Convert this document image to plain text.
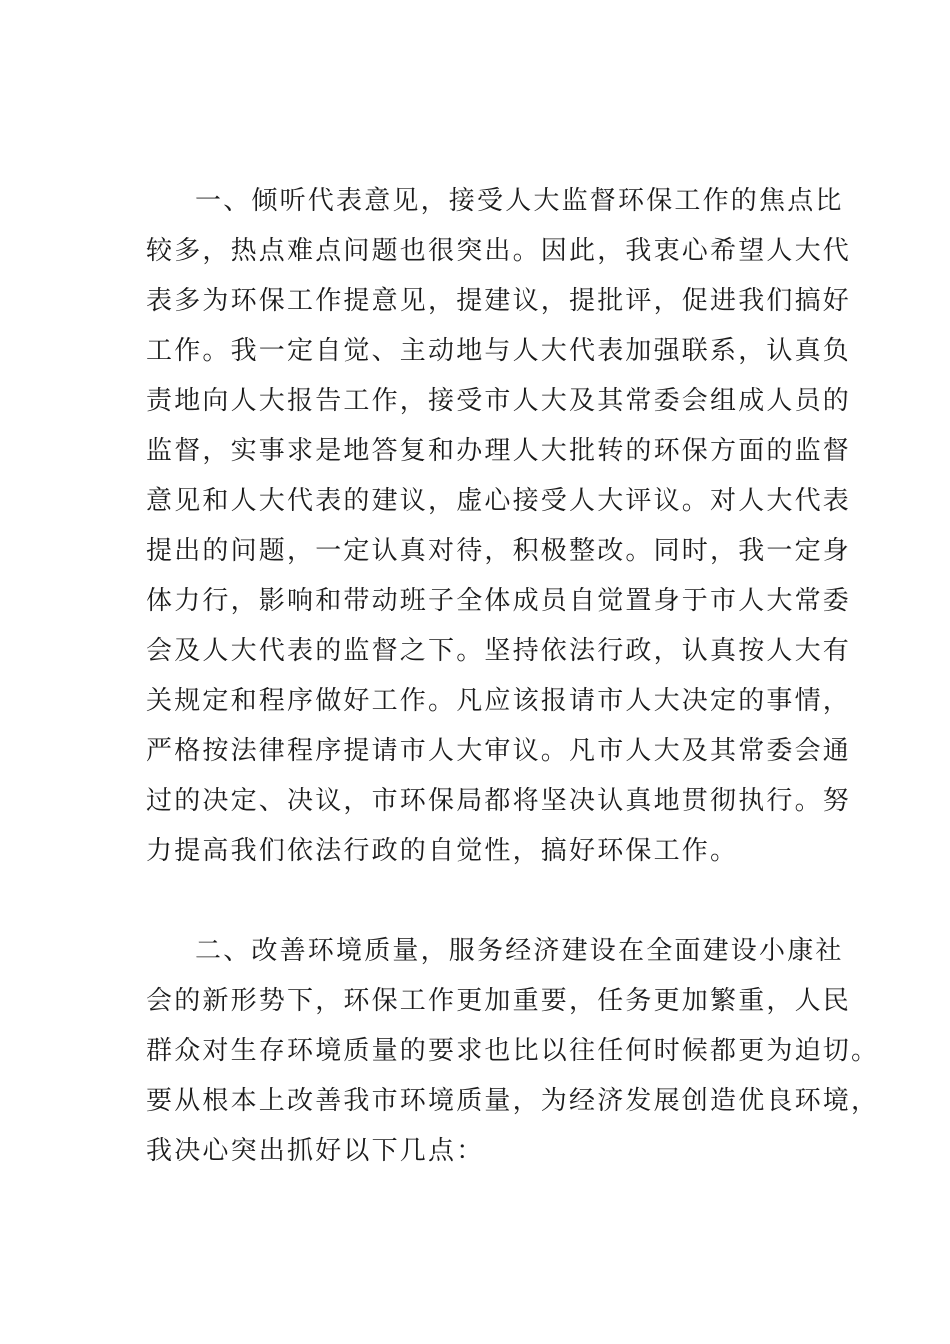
一、倾听代表意见，接受人大监督环保工作的焦点比
较多，热点难点问题也很突出。因此，我衷心希望人大代
表多为环保工作提意见，提建议，提批评，促进我们搞好
工作。我一定自觉、主动地与人大代表加强联系，认真负
责地向人大报告工作，接受市人大及其常委会组成人员的
监督，实事求是地答复和办理人大批转的环保方面的监督
意见和人大代表的建议，虚心接受人大评议。对人大代表
提出的问题，一定认真对待，积极整改。同时，我一定身
体力行，影响和带动班子全体成员自觉置身于市人大常委
会及人大代表的监督之下。坚持依法行政，认真按人大有
关规定和程序做好工作。凡应该报请市人大决定的事情，
严格按法律程序提请市人大审议。凡市人大及其常委会通
过的决定、决议，市环保局都将坚决认真地贯彻执行。努
力提高我们依法行政的自觉性，搞好环保工作。
二、改善环境质量，服务经济建设在全面建设小康社
会的新形势下，环保工作更加重要，任务更加繁重，人民
群众对生存环境质量的要求也比以往任何时候都更为迫切。
要从根本上改善我市环境质量，为经济发展创造优良环境，
我决心突出抓好以下几点：
